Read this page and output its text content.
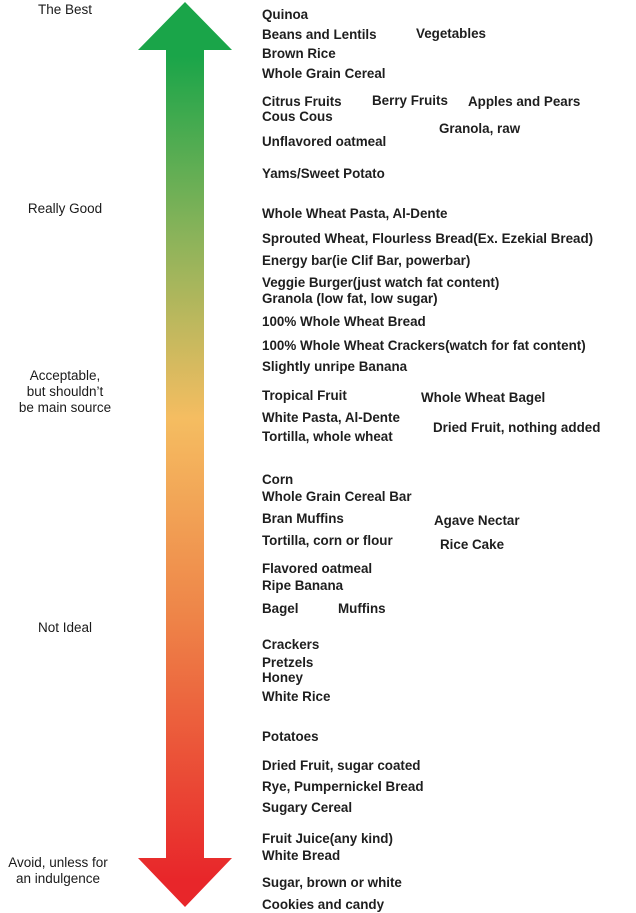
The Best
Really Good
Acceptable,
but shouldn’t
be main source
Not Ideal
Avoid, unless for
an indulgence
Quinoa
Beans and Lentils	Vegetables
Brown Rice
Whole Grain Cereal
Citrus Fruits Berry Fruits Apples and Pears
Cous Cous
Granola, raw
Unflavored oatmeal
Yams/Sweet Potato
Whole Wheat Pasta, Al-Dente
Sprouted Wheat, Flourless Bread(Ex. Ezekial Bread)
Energy bar(ie Clif Bar, powerbar)
Veggie Burger(just watch fat content)
Granola (low fat, low sugar)
100% Whole Wheat Bread
100% Whole Wheat Crackers(watch for fat content)
Slightly unripe Banana
Tropical Fruit	Whole Wheat Bagel
White Pasta, Al-Dente
Dried Fruit, nothing added
Tortilla, whole wheat
Corn
Whole Grain Cereal Bar
Bran Muffins	Agave Nectar
Tortilla, corn or flour	Rice Cake
Flavored oatmeal
Ripe Banana
Bagel	Muffins
Crackers
Pretzels
Honey
White Rice
Potatoes
Dried Fruit, sugar coated
Rye, Pumpernickel Bread
Sugary Cereal
Fruit Juice(any kind)
White Bread
Sugar, brown or white
Cookies and candy
